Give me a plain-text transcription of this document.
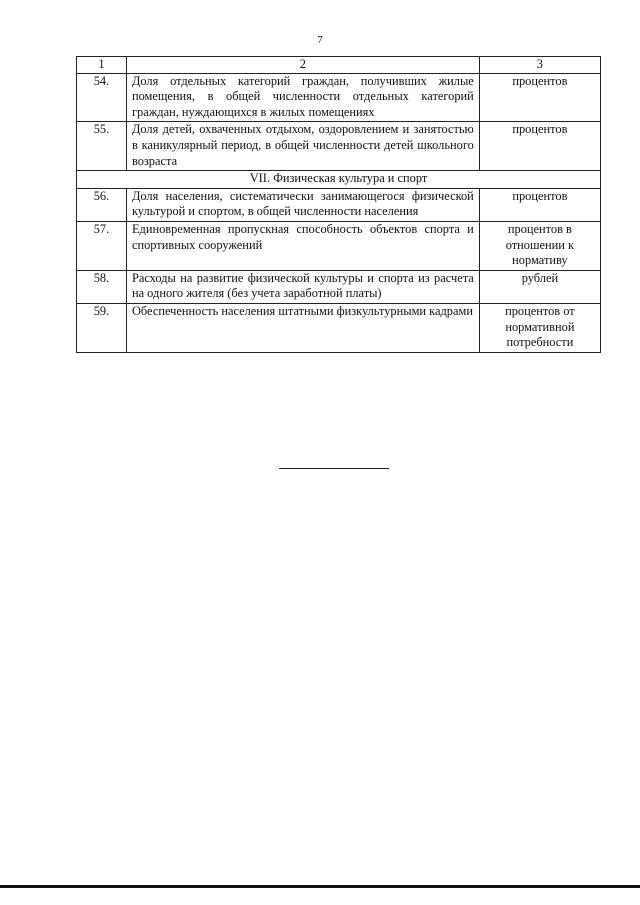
7
1	2	3
54.	Доля отдельных категорий граждан, получивших жилые помещения, в общей численности отдельных категорий граждан, нуждающихся в жилых помещениях	процентов
55.	Доля детей, охваченных отдыхом, оздоровлением и занятостью в каникулярный период, в общей численности детей школьного возраста	процентов
VII. Физическая культура и спорт		
56.	Доля населения, систематически занимающегося физической культурой и спортом, в общей численности населения	процентов
57.	Единовременная пропускная способность объектов спорта и спортивных сооружений	процентов в отношении к нормативу
58.	Расходы на развитие физической культуры и спорта из расчета на одного жителя (без учета заработной платы)	рублей
59.	Обеспеченность населения штатными физкультурными кадрами	процентов от нормативной потребности
